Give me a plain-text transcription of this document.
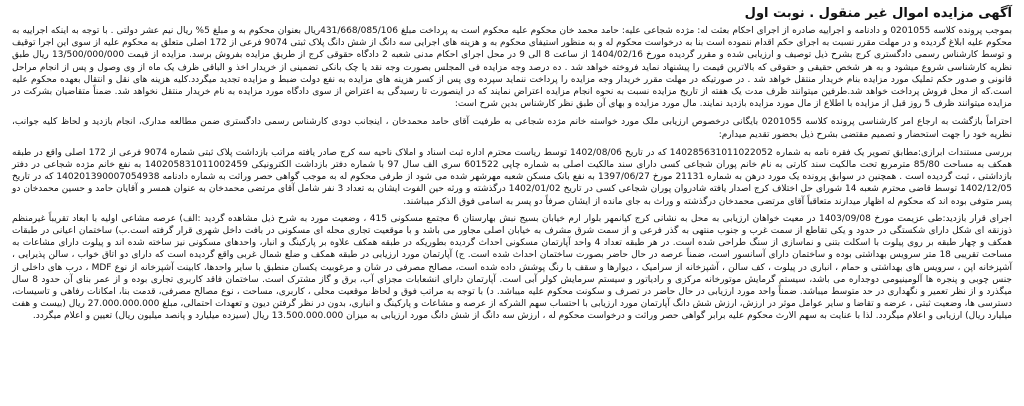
آگهی مزایده اموال غیر منقول . نوبت اول

بموجب پرونده کلاسه 0201055 و دادنامه و اجراییه صادره از اجرای احکام بعثت له: مژده شجاعی علیه: حامد محمد خان محکوم علیه محکوم است به پرداخت مبلغ 431/668/085/106ریال بعنوان محکوم به و مبلغ 5% ریال نیم عشر دولتی . با توجه به اینکه اجراییه به محکوم علیه ابلاغ گردیده و در مهلت مقرر نسبت به اجرای حکم اقدام ننموده است بنا به درخواست محکوم له و به منظور استیفای محکوم به و هزینه های اجرایی سه دانگ از شش دانگ پلاک ثبتی 9074 فرعی از 172 اصلی متعلق به محکوم علیه از سوی این اجرا توقیف و توسط کارشناس رسمی دادگستری کرج بشرح ذیل توصیف و ارزیابی شده و مقرر گردیده مورخ 1404/02/16 از ساعت 8 الی 9 در محل اجرای احکام مدنی شعبه 2 دادگاه حقوقی کرج از طریق مزایده بفروش برسد. مزایده از قیمت 13/500/000/000 ریال طبق نظریه کارشناسی شروع میشود و به هر شخص حقیقی و حقوقی که بالاترین قیمت را پیشنهاد نماید فروخته خواهد شد . ده درصد وجه مزایده فی المجلس بصورت وجه نقد یا چک بانکی تضمینی از خریدار اخذ و الباقی ظرف یک ماه از وی وصول و پس از انجام مراحل قانونی و صدور حکم تملیک مورد مزایده بنام خریدار منتقل خواهد شد . در صورتیکه در مهلت مقرر خریدار وجه مزایده را پرداخت ننماید سپرده وی پس از کسر هزینه های مزایده به نفع دولت ضبط و مزایده تجدید میگردد.کلیه هزینه های نقل و انتقال بعهده محکوم علیه است.که از محل فروش پرداخت خواهد شد.طرفین میتوانند ظرف مدت یک هفته از تاریخ مزایده نسبت به نحوه انجام مزایده اعتراض نمایند که در اینصورت تا رسیدگی به اعتراض از سوی دادگاه مورد مزایده به نام خریدار منتقل نخواهد شد. ضمناً متقاضیان بشرکت در مزایده میتوانند ظرف 5 روز قبل از مزایده با اطلاع از مال مورد مزایده بازدید نمایند. مال مورد مزایده و بهای آن طبق نظر کارشناس بدین شرح است:

احتراماً بازگشت به ارجاع امر کارشناسی پرونده کلاسه 0201055 بایگانی درخصوص ارزیابی ملک مورد خواسته خانم مژده شجاعی به طرفیت آقای حامد محمدخان ، اینجانب دودی کارشناس رسمی دادگستری ضمن مطالعه مدارک، انجام بازدید و لحاظ کلیه جوانب، نظریه خود را جهت استحضار و تصمیم مقتضی بشرح ذیل بحضور تقدیم میدارم:

بررسی مستندات ابرازی:مطابق تصویر یک فقره نامه به شماره 140285631011022052 که در تاریخ 1402/08/06 توسط ریاست محترم اداره ثبت اسناد و املاک ناحیه سه کرج صادر یافته مراتب بازداشت پلاک ثبتی شماره 9074 فرعی از 172 اصلی واقع در طبقه همکف به مساحت 85/80 مترمربع تحت مالکیت سند کارتی به نام خانم پوران شجاعی کسی دارای سند مالکیت اصلی به شماره چاپی 601522 سری الف سال 97 با شماره دفتر بازداشت الکترونیکی 140205831011002459 به نفع خانم مژده شجاعی در دفتر بازداشتی ، ثبت گردیده است . همچنین در سوابق پرونده یک مورد درهن به شماره 21131 مورخ 1397/06/27 به نفع بانک مسکن شعبه مهرشهر شده می شود از طرفی محکوم له به موجب گواهی حصر وراثت به شماره دادنامه 140201390007054938 که در تاریخ 1402/12/05 توسط قاضی محترم شعبه 14 شورای حل اختلاف کرج اصدار یافته شادروان پوران شجاعی کسی در تاریخ 1402/01/02 درگذشته و ورثه حین الفوت ایشان به تعداد 3 نفر شامل آقای مرتضی محمدخان به عنوان همسر و آقایان حامد و حسین محمدخان دو پسر متوفی بوده اند که محکوم له اظهار میدارند متعاقباً آقای مرتضی محمدخان درگذشته و وراث به جای مانده از ایشان صرفاً دو پسر به اسامی فوق الذکر میباشند.

اجرای قرار بازدید:طی عزیمت مورخ 1403/09/08 در معیت خواهان ارزیابی به محل به نشانی کرج کیانمهر بلوار ارم خیابان بسیج نبش بهارستان 6 مجتمع مسکونی 415 ، وضعیت مورد به شرح ذیل مشاهده گردید :الف) عرصه مشاعی اولیه با ابعاد تقریباً غیرمنظم ذوزنقه ای شکل دارای شکستگی در حدود و یکی تقاطع از سمت غرب و جنوب منتهی به گذر فرعی و از سمت شرق مشرف به خیابان اصلی مجاور می باشد و با موقعیت تجاری محله ای مسکونی در بافت داخل شهری قرار گرفته است.ب) ساختمان اعیانی در طبقات همکف و چهار طبقه بر روی پیلوت با اسکلت بتنی و نماسازی از سنگ طراحی شده است. در هر طبقه تعداد 4 واحد آپارتمان مسکونی احداث گردیده بطوریکه در طبقه همکف علاوه بر پارکینگ و انبار، واحدهای مسکونی نیز ساخته شده اند و پیلوت دارای مشاعات به مساحت تقریبی 18 متر سرویس بهداشتی بوده و ساختمان دارای آسانسور است، ضمناً عرصه در حال حاضر بصورت ساختمان احداث شده است. ج) آپارتمان مورد ارزیابی در طبقه همکف و ضلع شمال غربی واقع گردیده است که دارای دو اتاق خواب ، سالن پذیرایی ، آشپزخانه اپن ، سرویس های بهداشتی و حمام ، انباری در پیلوت ، کف سالن ، آشپزخانه از سرامیک ، دیوارها و سقف با رنگ پوشش داده شده است، مصالح مصرفی در شان و مرغوبیت یکسان منطبق با سایر واحدها، کابینت آشپزخانه از نوع MDF ، درب های داخلی از جنس چوبی و پنجره ها آلومینیومی دوجداره می باشد، سیستم گرمایش موتورخانه مرکزی و رادیاتور و سیستم سرمایش کولر آبی است. آپارتمان دارای انشعابات مجزای آب، برق و گاز مشترک است. ساختمان فاقد کاربری تجاری بوده و از عمر بنای آن حدود 8 سال میگذرد و از نظر تعمیر و نگهداری در حد متوسط میباشد. ضمناً واحد مورد ارزیابی در حال حاضر در تصرف و سکونت محکوم علیه میباشد. د) با توجه به مراتب فوق و لحاظ موقعیت محلی ، کاربری، مساحت ، نوع مصالح مصرفی، قدمت بنا، امکانات رفاهی و تاسیسات، دسترسی ها، وضعیت ثبتی ، عرضه و تقاضا و سایر عوامل موثر در ارزش، ارزش شش دانگ آپارتمان مورد ارزیابی با احتساب سهم الشرکه از عرصه و مشاعات و پارکینگ و انباری، بدون در نظر گرفتن دیون و تعهدات احتمالی، مبلغ 27.000.000.000 ریال (بیست و هفت میلیارد ریال) ارزیابی و اعلام میگردد. لذا با عنایت به سهم الارث محکوم علیه برابر گواهی حصر وراثت و درخواست محکوم له ، ارزش سه دانگ از شش دانگ مورد ارزیابی به میزان 13.500.000.000 ریال (سیزده میلیارد و پانصد میلیون ریال) تعیین و اعلام میگردد.
